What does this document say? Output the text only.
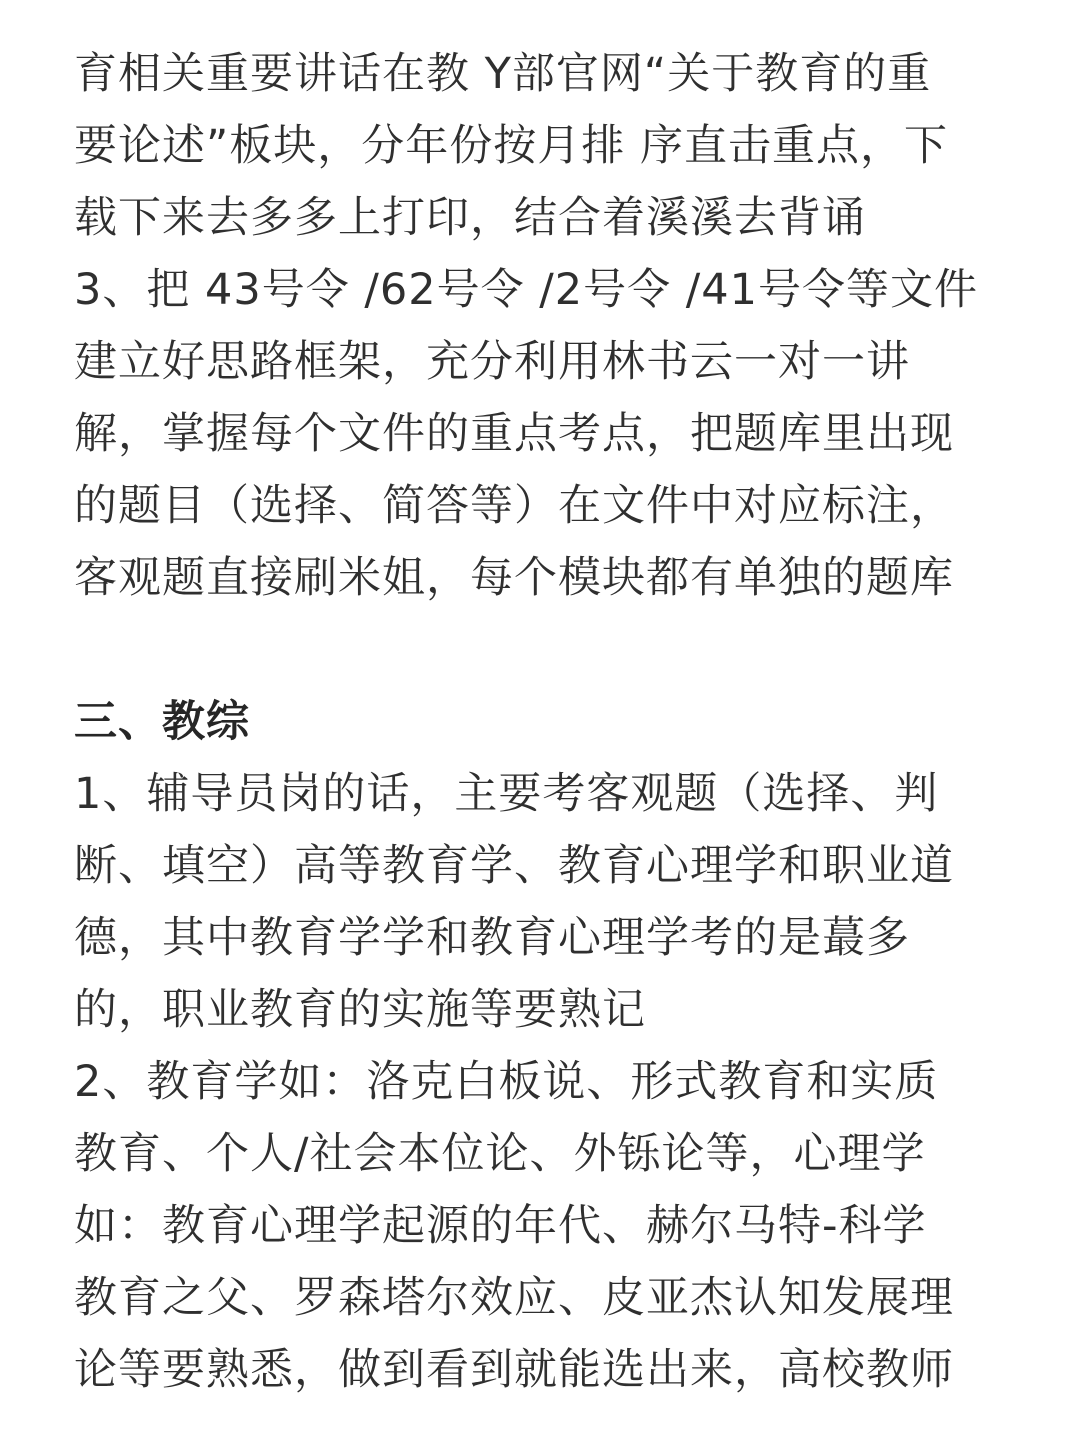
育相关重要讲话在教 Y部官网“关于教育的重
要论述”板块，分年份按月排 序直击重点，下
载下来去多多上打印，结合着溪溪去背诵
3、把 43号令 /62号令 /2号令 /41号令等文件
建立好思路框架，充分利用林书云一对一讲
解，掌握每个文件的重点考点，把题库里出现
的题目（选择、简答等）在文件中对应标注，
客观题直接刷米姐，每个模块都有单独的题库
三、教综
1、辅导员岗的话，主要考客观题（选择、判
断、填空）高等教育学、教育心理学和职业道
德，其中教育学学和教育心理学考的是蕞多
的，职业教育的实施等要熟记
2、教育学如：洛克白板说、形式教育和实质
教育、个人/社会本位论、外铄论等，心理学
如：教育心理学起源的年代、赫尔马特-科学
教育之父、罗森塔尔效应、皮亚杰认知发展理
论等要熟悉，做到看到就能选出来，高校教师
